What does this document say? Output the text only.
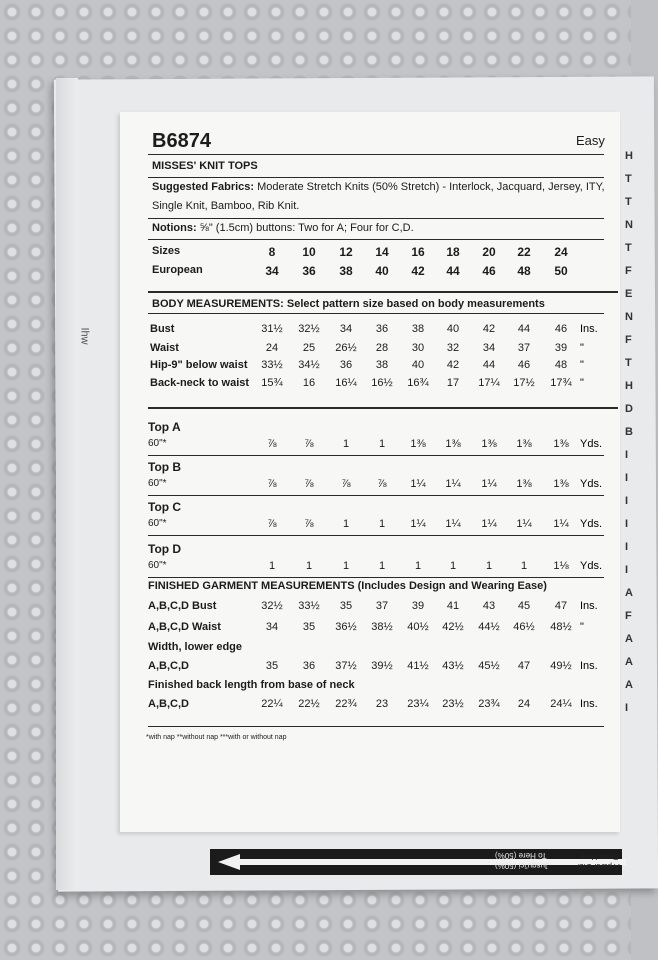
Ihw
B6874	Easy
MISSES' KNIT TOPS
Suggested Fabrics: Moderate Stretch Knits (50% Stretch) - Interlock, Jacquard, Jersey, ITY,
Single Knit, Bamboo, Rib Knit.
Notions: ⅝" (1.5cm) buttons: Two for A; Four for C,D.
Sizes	8 10 12 14 16 18 20 22 24
European	34 36 38 40 42 44 46 48 50
BODY MEASUREMENTS: Select pattern size based on body measurements
Bust	31½ 32½ 34 36 38 40 42 44 46 Ins.
Waist	24 25 26½ 28 30 32 34 37 39 "
Hip-9" below waist 33½ 34½ 36 38 40 42 44 46 48 "
Back-neck to waist 15¾ 16 16¼ 16½ 16¾ 17 17¼ 17½ 17¾ "
Top A
60"*	⅞	⅞	1	1 1⅜ 1⅜ 1⅜ 1⅜ 1⅜ Yds.
Top B
60"*	⅞	⅞	⅞ ⅞ 1¼ 1¼ 1¼ 1⅜ 1⅜ Yds.
Top C
60"*	⅞	⅞	1	1 1¼ 1¼ 1¼ 1¼ 1¼ Yds.
Top D
60"*	1	1	1	1	1	1	1	1 1⅛ Yds.
FINISHED GARMENT MEASUREMENTS (Includes Design and Wearing Ease)
A,B,C,D Bust	32½ 33½ 35 37 39 41 43 45 47 Ins.
A,B,C,D Waist	34 35 36½ 38½ 40½ 42½ 44½ 46½ 48½ "
Width, lower edge
A,B,C,D	35 36 37½ 39½ 41½ 43½ 45½ 47 49½ Ins.
Finished back length from base of neck
A,B,C,D	22¼ 22½ 22¾ 23 23¼ 23½ 23¾ 24 24¼ Ins.
*with nap **without nap ***with or without nap
H
T
T
N
T
F
E
N
F
T
H
D
B
I
I
I
I
I
I
A
F
A
A
A
I
To Here (50%)
Jusqu'ici (50%)
From Here
À partir d'ici
